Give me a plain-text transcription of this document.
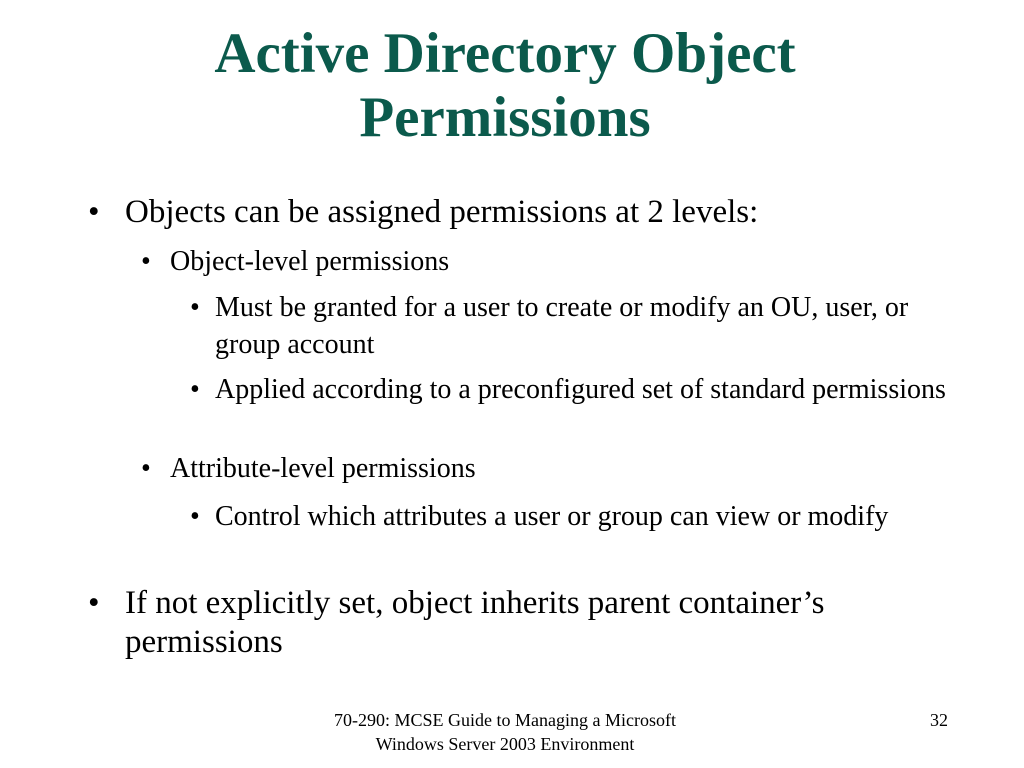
Active Directory Object
Permissions

• Objects can be assigned permissions at 2 levels:

• Object-level permissions

• Must be granted for a user to create or modify an OU, user, or group account

• Applied according to a preconfigured set of standard permissions

• Attribute-level permissions

• Control which attributes a user or group can view or modify

• If not explicitly set, object inherits parent container’s permissions

70-290: MCSE Guide to Managing a Microsoft
Windows Server 2003 Environment
32
